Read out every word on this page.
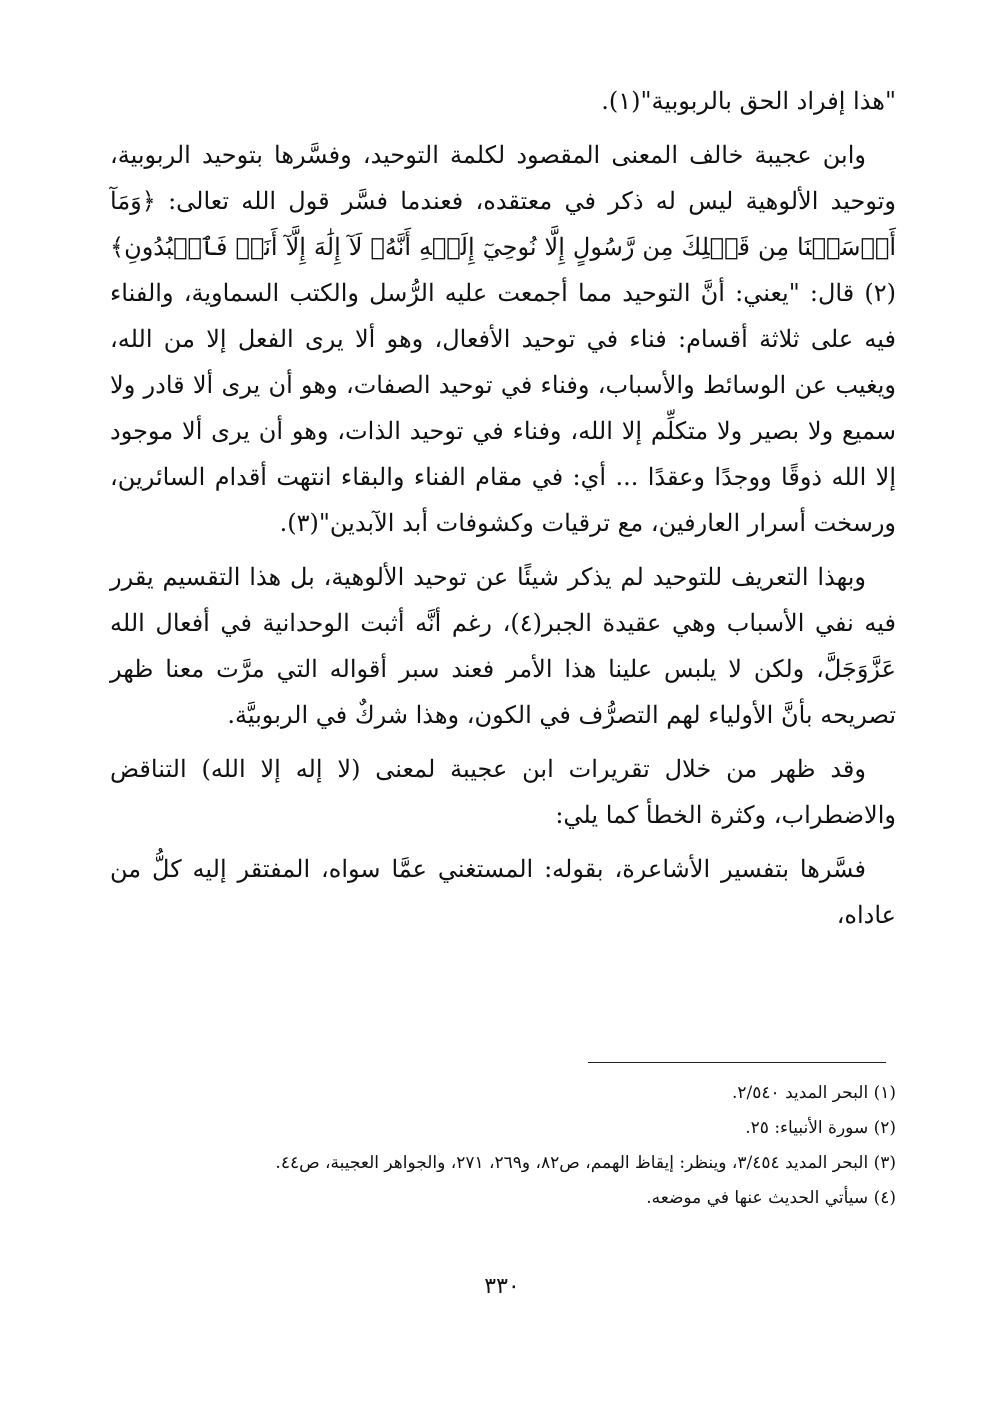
"هذا إفراد الحق بالربوبية"(١).

وابن عجيبة خالف المعنى المقصود لكلمة التوحيد، وفسَّرها بتوحيد الربوبية، وتوحيد الألوهية ليس له ذكر في معتقده، فعندما فسَّر قول الله تعالى: ﴿وَمَآ أَرۡسَلۡنَا مِن قَبۡلِكَ مِن رَّسُولٍ إِلَّا نُوحِيٓ إِلَيۡهِ أَنَّهُۥ لَآ إِلَٰهَ إِلَّآ أَنَا۠ فَٱعۡبُدُونِ﴾(٢) قال: "يعني: أنَّ التوحيد مما أجمعت عليه الرُّسل والكتب السماوية، والفناء فيه على ثلاثة أقسام: فناء في توحيد الأفعال، وهو ألا يرى الفعل إلا من الله، ويغيب عن الوسائط والأسباب، وفناء في توحيد الصفات، وهو أن يرى ألا قادر ولا سميع ولا بصير ولا متكلِّم إلا الله، وفناء في توحيد الذات، وهو أن يرى ألا موجود إلا الله ذوقًا ووجدًا وعقدًا ... أي: في مقام الفناء والبقاء انتهت أقدام السائرين، ورسخت أسرار العارفين، مع ترقيات وكشوفات أبد الآبدين"(٣).

وبهذا التعريف للتوحيد لم يذكر شيئًا عن توحيد الألوهية، بل هذا التقسيم يقرر فيه نفي الأسباب وهي عقيدة الجبر(٤)، رغم أنَّه أثبت الوحدانية في أفعال الله عَزَّوَجَلَّ، ولكن لا يلبس علينا هذا الأمر فعند سبر أقواله التي مرَّت معنا ظهر تصريحه بأنَّ الأولياء لهم التصرُّف في الكون، وهذا شركٌ في الربوبيَّة.

وقد ظهر من خلال تقريرات ابن عجيبة لمعنى (لا إله إلا الله) التناقض والاضطراب، وكثرة الخطأ كما يلي:

فسَّرها بتفسير الأشاعرة، بقوله: المستغني عمَّا سواه، المفتقر إليه كلُّ من عاداه،

(١) البحر المديد ٢/٥٤٠.

(٢) سورة الأنبياء: ٢٥.

(٣) البحر المديد ٣/٤٥٤، وينظر: إيقاظ الهمم، ص٨٢، و٢٦٩، ٢٧١، والجواهر العجيبة، ص٤٤.

(٤) سيأتي الحديث عنها في موضعه.

٣٣٠
